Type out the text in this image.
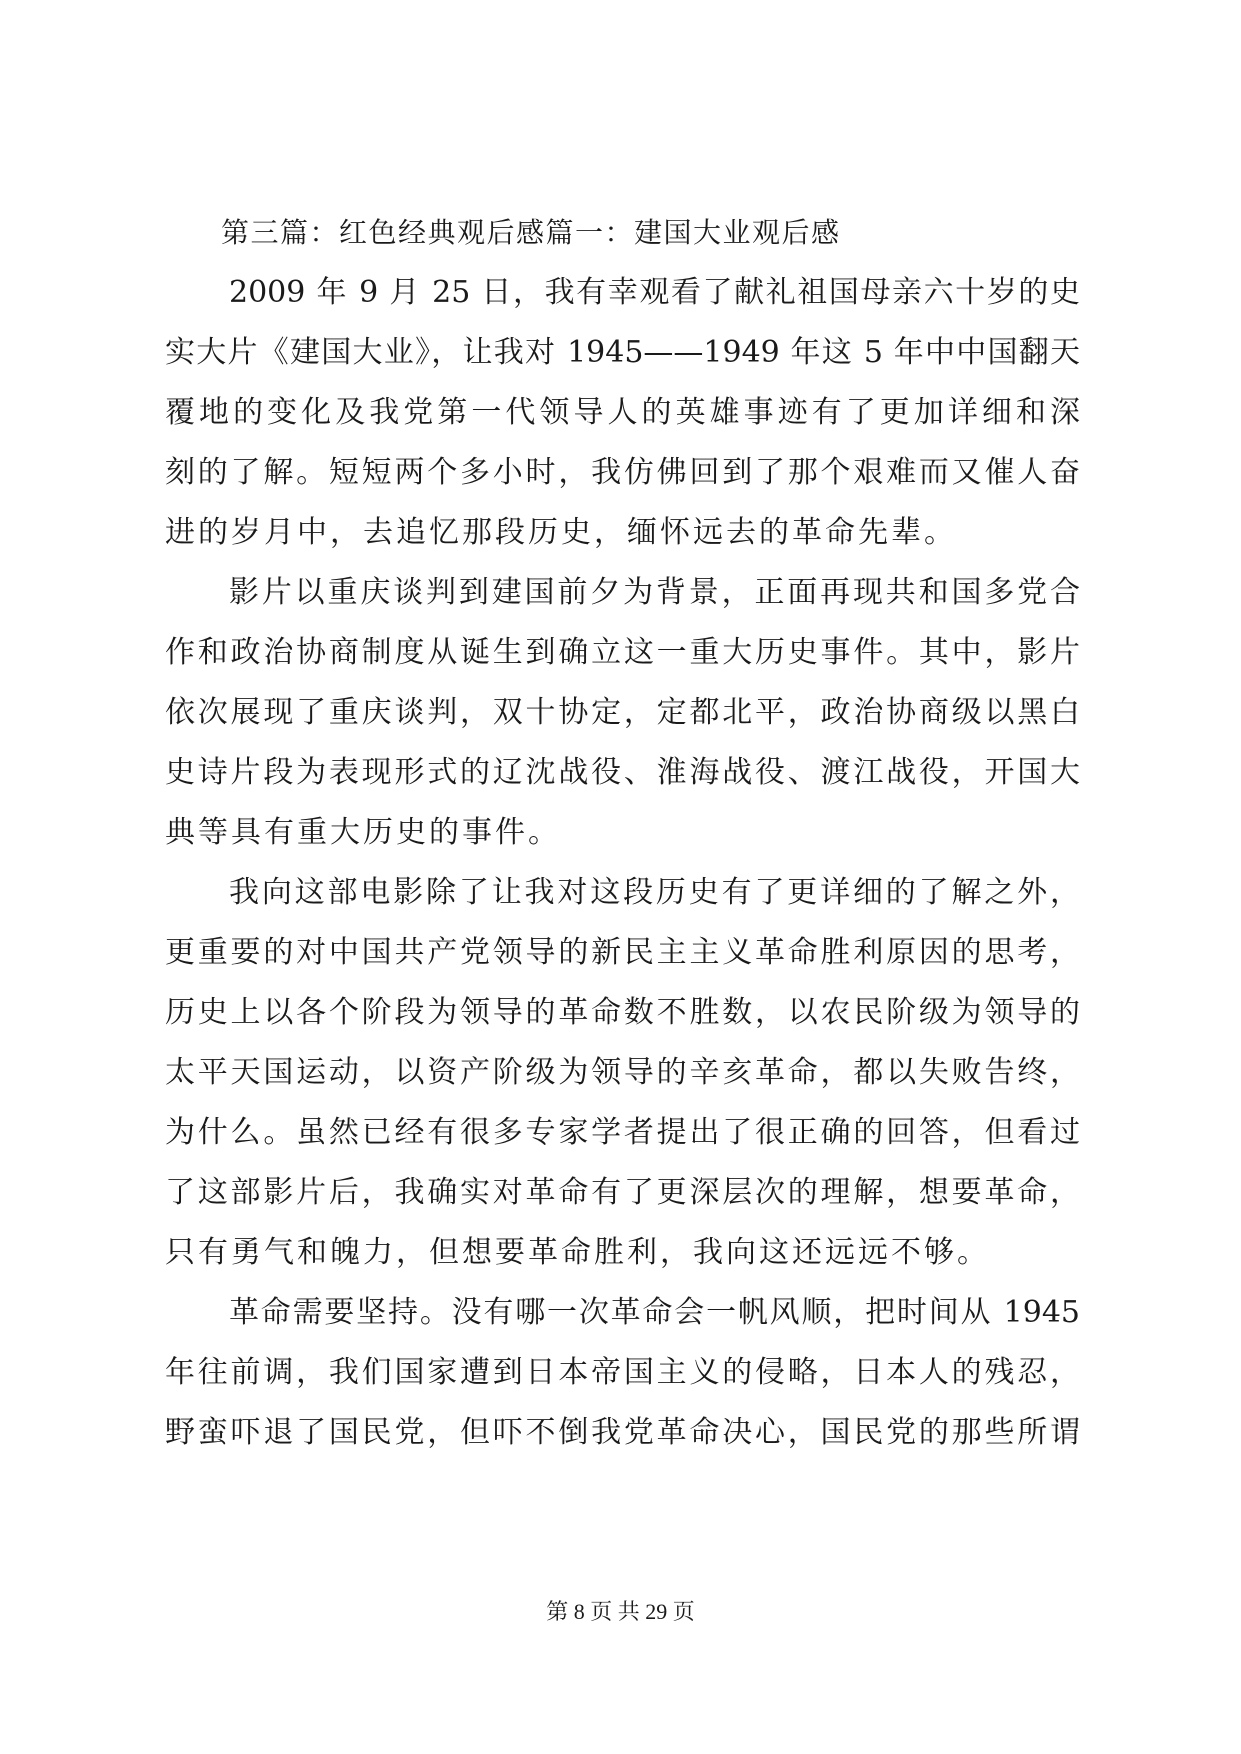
第三篇：红色经典观后感篇一：建国大业观后感

2009 年 9 月 25 日，我有幸观看了献礼祖国母亲六十岁的史
实大片《建国大业》，让我对 1945——1949 年这 5 年中中国翻天
覆地的变化及我党第一代领导人的英雄事迹有了更加详细和深
刻的了解。短短两个多小时，我仿佛回到了那个艰难而又催人奋
进的岁月中，去追忆那段历史，缅怀远去的革命先辈。

影片以重庆谈判到建国前夕为背景，正面再现共和国多党合
作和政治协商制度从诞生到确立这一重大历史事件。其中，影片
依次展现了重庆谈判，双十协定，定都北平，政治协商级以黑白
史诗片段为表现形式的辽沈战役、淮海战役、渡江战役，开国大
典等具有重大历史的事件。

我向这部电影除了让我对这段历史有了更详细的了解之外，
更重要的对中国共产党领导的新民主主义革命胜利原因的思考，
历史上以各个阶段为领导的革命数不胜数，以农民阶级为领导的
太平天国运动，以资产阶级为领导的辛亥革命，都以失败告终，
为什么。虽然已经有很多专家学者提出了很正确的回答，但看过
了这部影片后，我确实对革命有了更深层次的理解，想要革命，
只有勇气和魄力，但想要革命胜利，我向这还远远不够。

革命需要坚持。没有哪一次革命会一帆风顺，把时间从 1945
年往前调，我们国家遭到日本帝国主义的侵略，日本人的残忍，
野蛮吓退了国民党，但吓不倒我党革命决心，国民党的那些所谓

第 8 页 共 29 页
